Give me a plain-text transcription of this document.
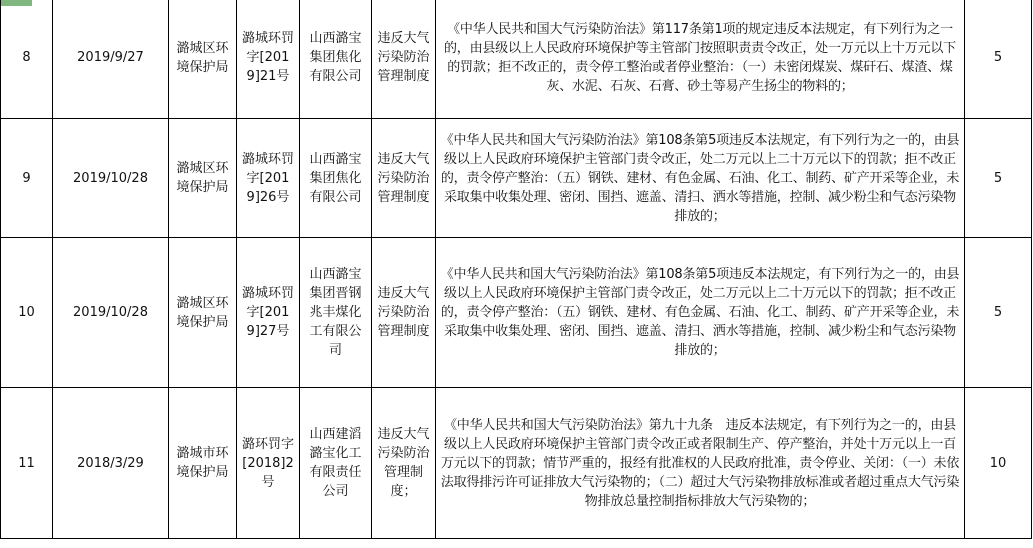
8	2019/9/27	潞城区环境保护局	潞城环罚字[2019]21号	山西潞宝集团焦化有限公司	违反大气污染防治管理制度	《中华人民共和国大气污染防治法》第117条第1项的规定违反本法规定，有下列行为之一的，由县级以上人民政府环境保护等主管部门按照职责责令改正，处一万元以上十万元以下的罚款；拒不改正的，责令停工整治或者停业整治：（一）未密闭煤炭、煤矸石、煤渣、煤灰、水泥、石灰、石膏、砂土等易产生扬尘的物料的；	5

9	2019/10/28	潞城区环境保护局	潞城环罚字[2019]26号	山西潞宝集团焦化有限公司	违反大气污染防治管理制度	《中华人民共和国大气污染防治法》第108条第5项违反本法规定，有下列行为之一的，由县级以上人民政府环境保护主管部门责令改正，处二万元以上二十万元以下的罚款；拒不改正的，责令停产整治：（五）钢铁、建材、有色金属、石油、化工、制药、矿产开采等企业，未采取集中收集处理、密闭、围挡、遮盖、清扫、洒水等措施，控制、减少粉尘和气态污染物排放的；	5

10	2019/10/28	潞城区环境保护局	潞城环罚字[2019]27号	山西潞宝集团晋钢兆丰煤化工有限公司	违反大气污染防治管理制度	《中华人民共和国大气污染防治法》第108条第5项违反本法规定，有下列行为之一的，由县级以上人民政府环境保护主管部门责令改正，处二万元以上二十万元以下的罚款；拒不改正的，责令停产整治：（五）钢铁、建材、有色金属、石油、化工、制药、矿产开采等企业，未采取集中收集处理、密闭、围挡、遮盖、清扫、洒水等措施，控制、减少粉尘和气态污染物排放的；	5

11	2018/3/29	潞城市环境保护局	潞环罚字[2018]2号	山西建滔潞宝化工有限责任公司	违反大气污染防治管理制度；	《中华人民共和国大气污染防治法》第九十九条　违反本法规定，有下列行为之一的，由县级以上人民政府环境保护主管部门责令改正或者限制生产、停产整治，并处十万元以上一百万元以下的罚款；情节严重的，报经有批准权的人民政府批准，责令停业、关闭：（一）未依法取得排污许可证排放大气污染物的；（二）超过大气污染物排放标准或者超过重点大气污染物排放总量控制指标排放大气污染物的；	10
